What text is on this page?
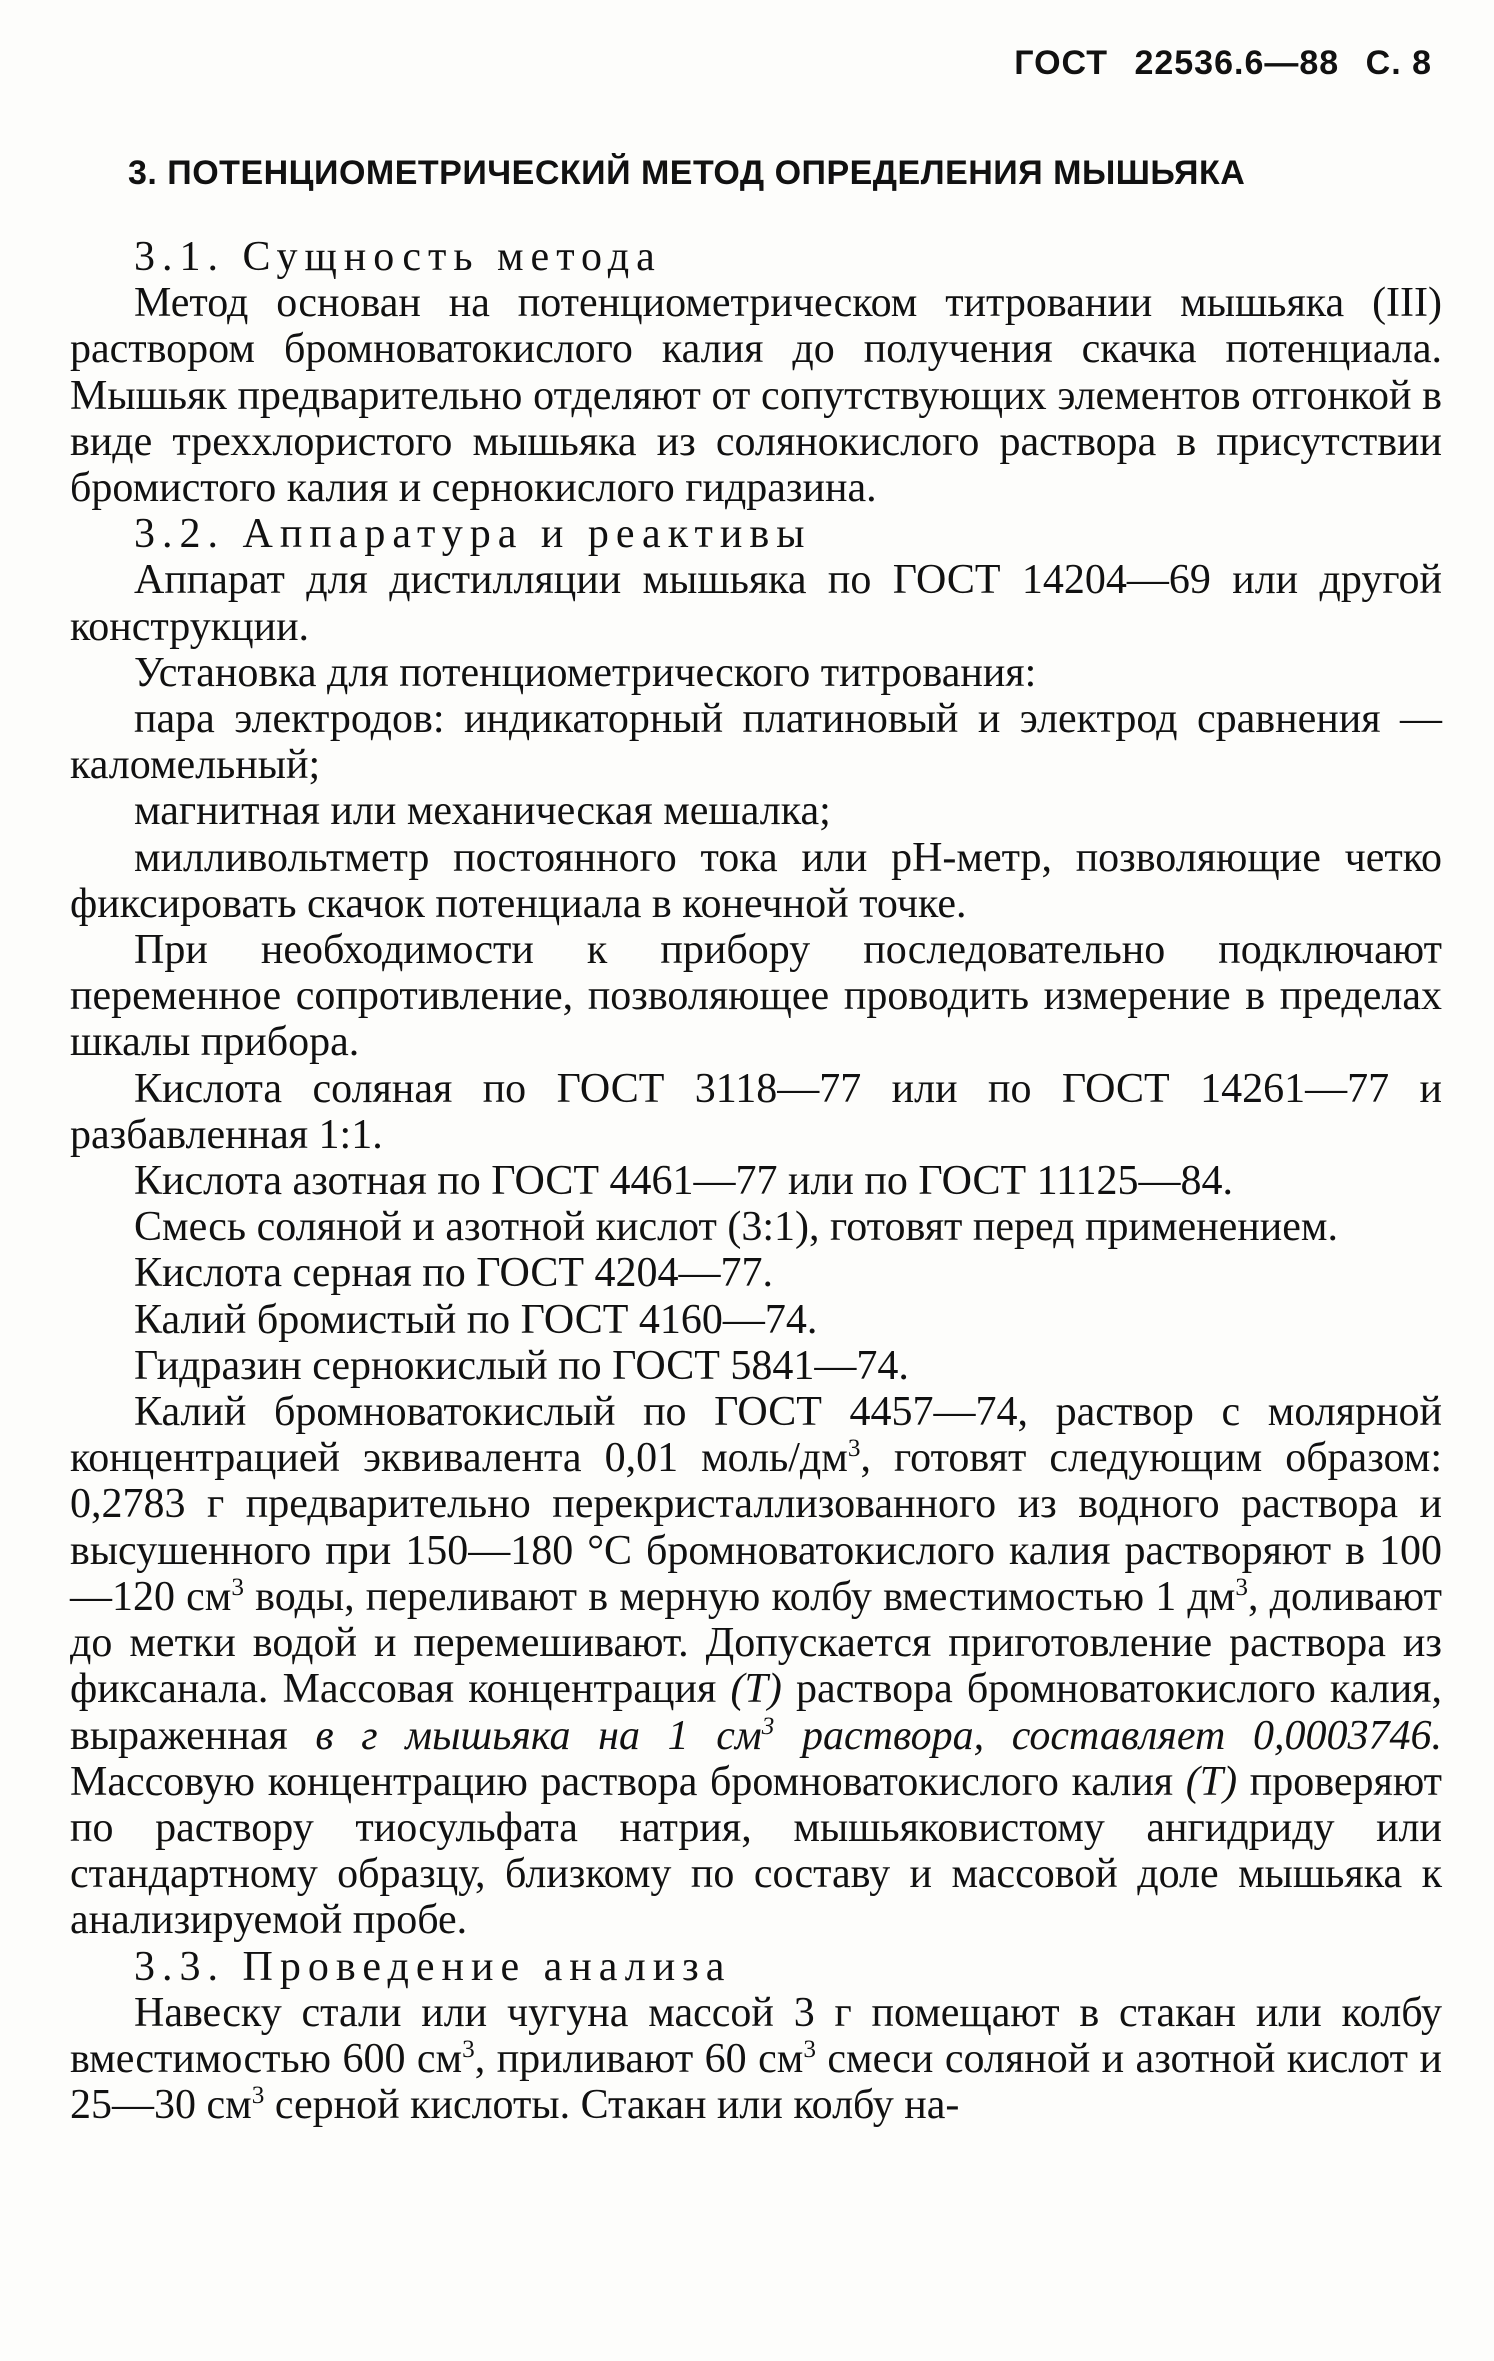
ГОСТ 22536.6—88 С. 8
3. ПОТЕНЦИОМЕТРИЧЕСКИЙ МЕТОД ОПРЕДЕЛЕНИЯ МЫШЬЯКА
3.1. Сущность метода

Метод основан на потенциометрическом титровании мышьяка (III) раствором бромноватокислого калия до получения скачка потенциала. Мышьяк предварительно отделяют от сопутствующих элементов отгонкой в виде треххлористого мышьяка из солянокислого раствора в присутствии бромистого калия и сернокислого гидразина.

3.2. Аппаратура и реактивы

Аппарат для дистилляции мышьяка по ГОСТ 14204—69 или другой конструкции.

Установка для потенциометрического титрования:

пара электродов: индикаторный платиновый и электрод сравнения — каломельный;

магнитная или механическая мешалка;

милливольтметр постоянного тока или pH-метр, позволяющие четко фиксировать скачок потенциала в конечной точке.

При необходимости к прибору последовательно подключают переменное сопротивление, позволяющее проводить измерение в пределах шкалы прибора.

Кислота соляная по ГОСТ 3118—77 или по ГОСТ 14261—77 и разбавленная 1:1.

Кислота азотная по ГОСТ 4461—77 или по ГОСТ 11125—84.

Смесь соляной и азотной кислот (3:1), готовят перед применением.

Кислота серная по ГОСТ 4204—77.

Калий бромистый по ГОСТ 4160—74.

Гидразин сернокислый по ГОСТ 5841—74.

Калий бромноватокислый по ГОСТ 4457—74, раствор с молярной концентрацией эквивалента 0,01 моль/$дм^3$, готовят следующим образом: 0,2783 г предварительно перекристаллизованного из водного раствора и высушенного при 150—180 °С бромноватокислого калия растворяют в 100—120 $см^3$ воды, переливают в мерную колбу вместимостью 1 $дм^3$, доливают до метки водой и перемешивают. Допускается приготовление раствора из фиксанала. Массовая концентрация (Т) раствора бромноватокислого калия, выраженная в г мышьяка на 1 $см^3$ раствора, составляет 0,0003746. Массовую концентрацию раствора бромноватокислого калия (Т) проверяют по раствору тиосульфата натрия, мышьяковистому ангидриду или стандартному образцу, близкому по составу и массовой доле мышьяка к анализируемой пробе.

3.3. Проведение анализа

Навеску стали или чугуна массой 3 г помещают в стакан или колбу вместимостью 600 $см^3$, приливают 60 $см^3$ смеси соляной и азотной кислот и 25—30 $см^3$ серной кислоты. Стакан или колбу на-
